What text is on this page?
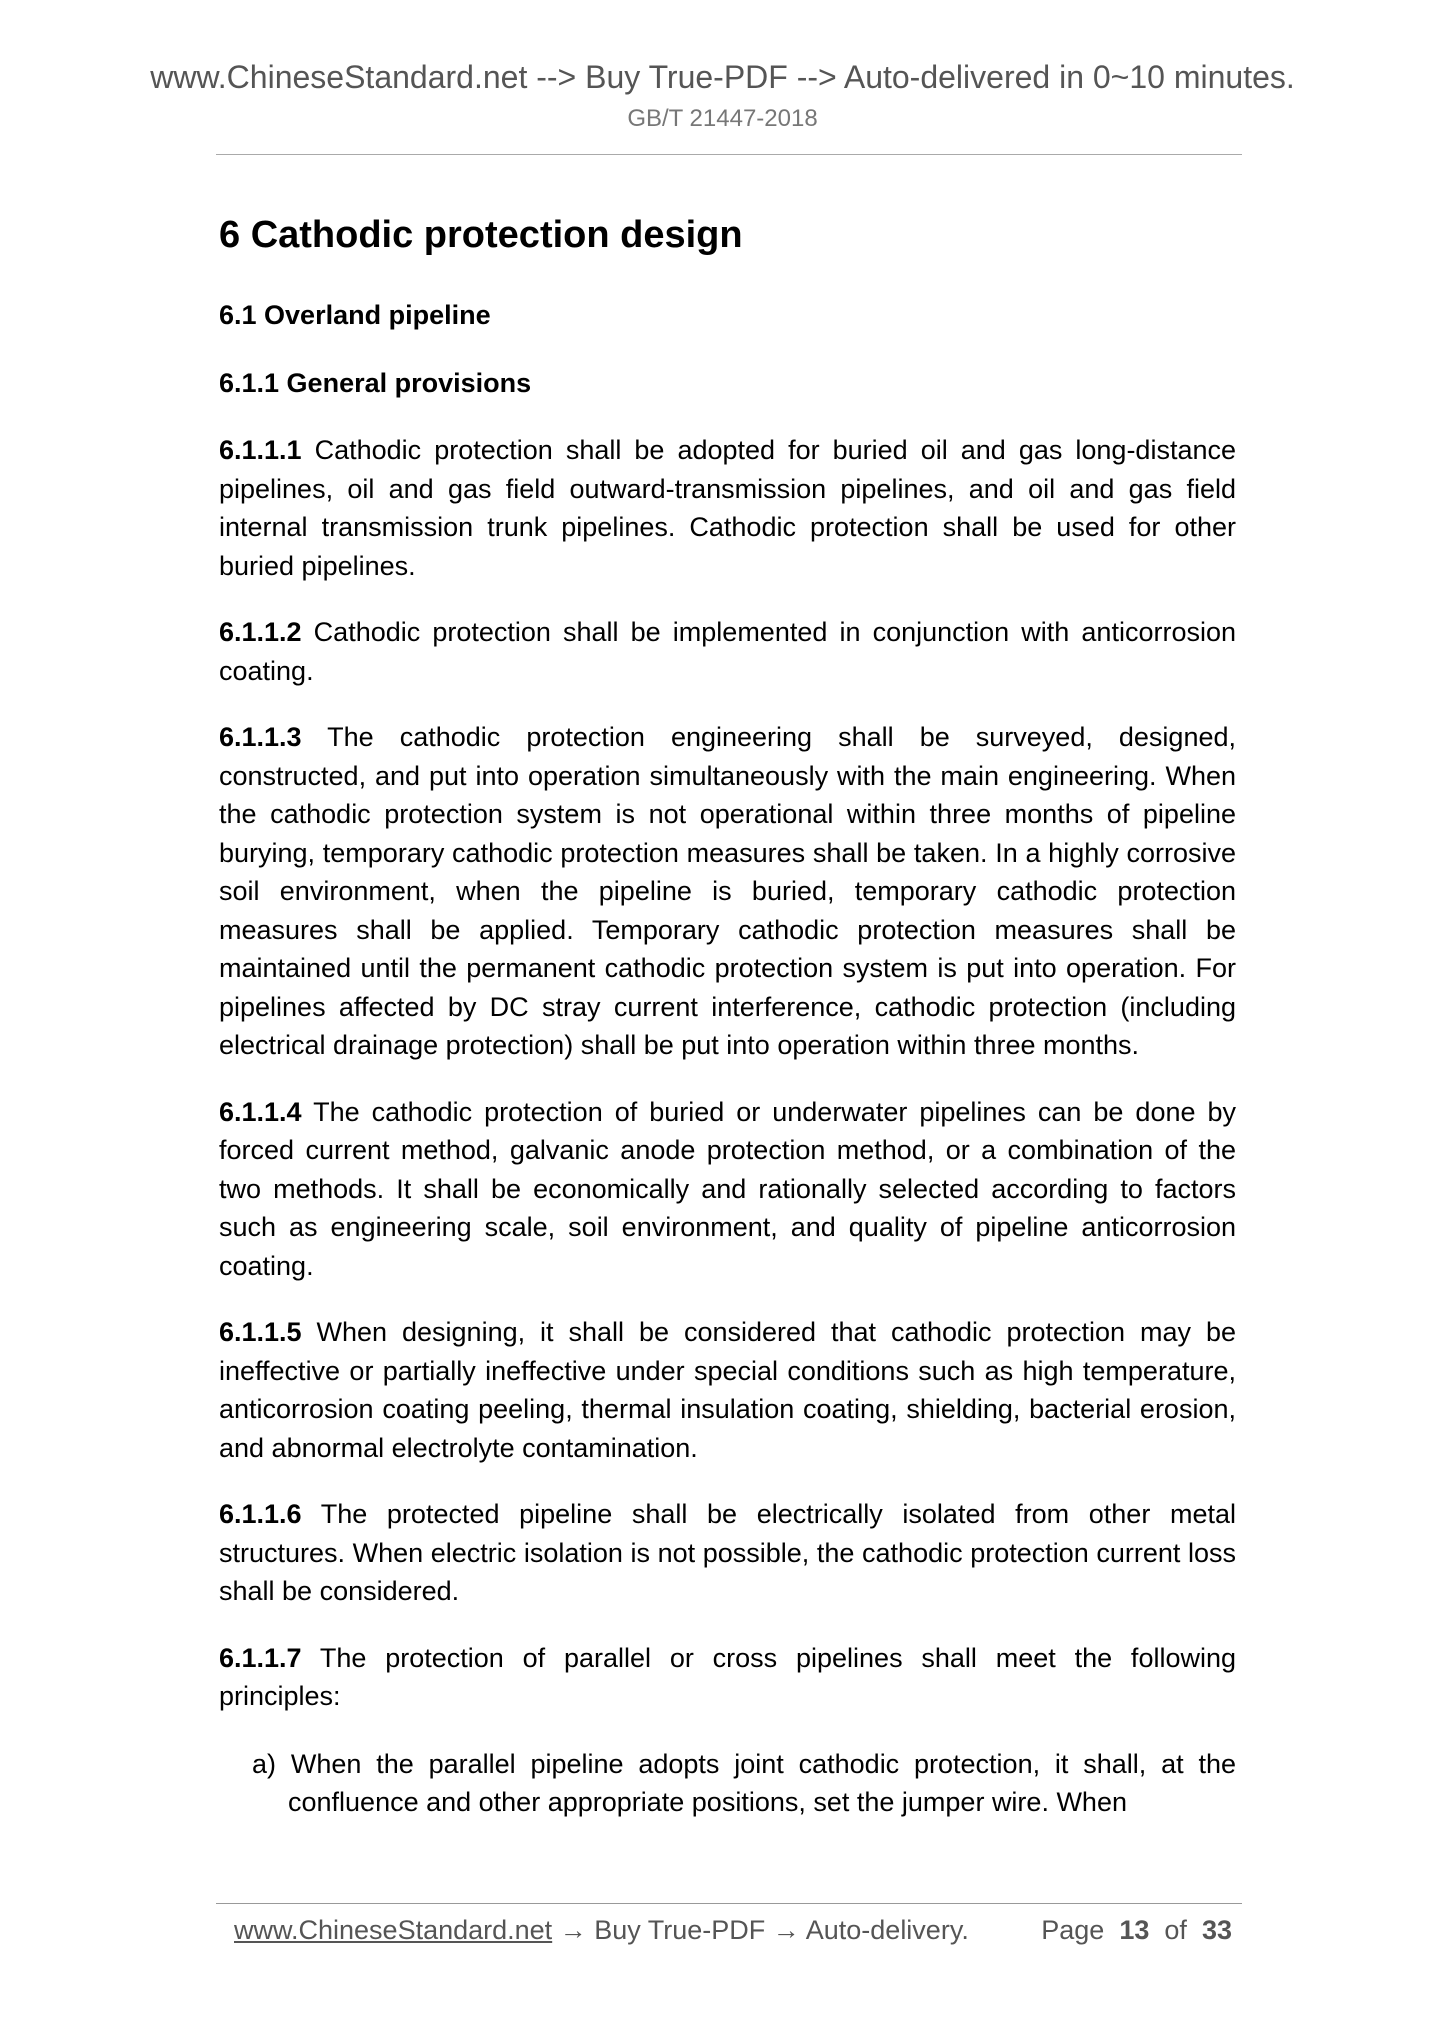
www.ChineseStandard.net --> Buy True-PDF --> Auto-delivered in 0~10 minutes.
GB/T 21447-2018
6 Cathodic protection design
6.1 Overland pipeline
6.1.1 General provisions

6.1.1.1 Cathodic protection shall be adopted for buried oil and gas long-distance pipelines, oil and gas field outward-transmission pipelines, and oil and gas field internal transmission trunk pipelines. Cathodic protection shall be used for other buried pipelines.

6.1.1.2 Cathodic protection shall be implemented in conjunction with anticorrosion coating.

6.1.1.3 The cathodic protection engineering shall be surveyed, designed, constructed, and put into operation simultaneously with the main engineering. When the cathodic protection system is not operational within three months of pipeline burying, temporary cathodic protection measures shall be taken. In a highly corrosive soil environment, when the pipeline is buried, temporary cathodic protection measures shall be applied. Temporary cathodic protection measures shall be maintained until the permanent cathodic protection system is put into operation. For pipelines affected by DC stray current interference, cathodic protection (including electrical drainage protection) shall be put into operation within three months.

6.1.1.4 The cathodic protection of buried or underwater pipelines can be done by forced current method, galvanic anode protection method, or a combination of the two methods. It shall be economically and rationally selected according to factors such as engineering scale, soil environment, and quality of pipeline anticorrosion coating.

6.1.1.5 When designing, it shall be considered that cathodic protection may be ineffective or partially ineffective under special conditions such as high temperature, anticorrosion coating peeling, thermal insulation coating, shielding, bacterial erosion, and abnormal electrolyte contamination.

6.1.1.6 The protected pipeline shall be electrically isolated from other metal structures. When electric isolation is not possible, the cathodic protection current loss shall be considered.

6.1.1.7 The protection of parallel or cross pipelines shall meet the following principles:

a) When the parallel pipeline adopts joint cathodic protection, it shall, at the confluence and other appropriate positions, set the jumper wire. When

www.ChineseStandard.net → Buy True-PDF → Auto-delivery.	Page 13 of 33
